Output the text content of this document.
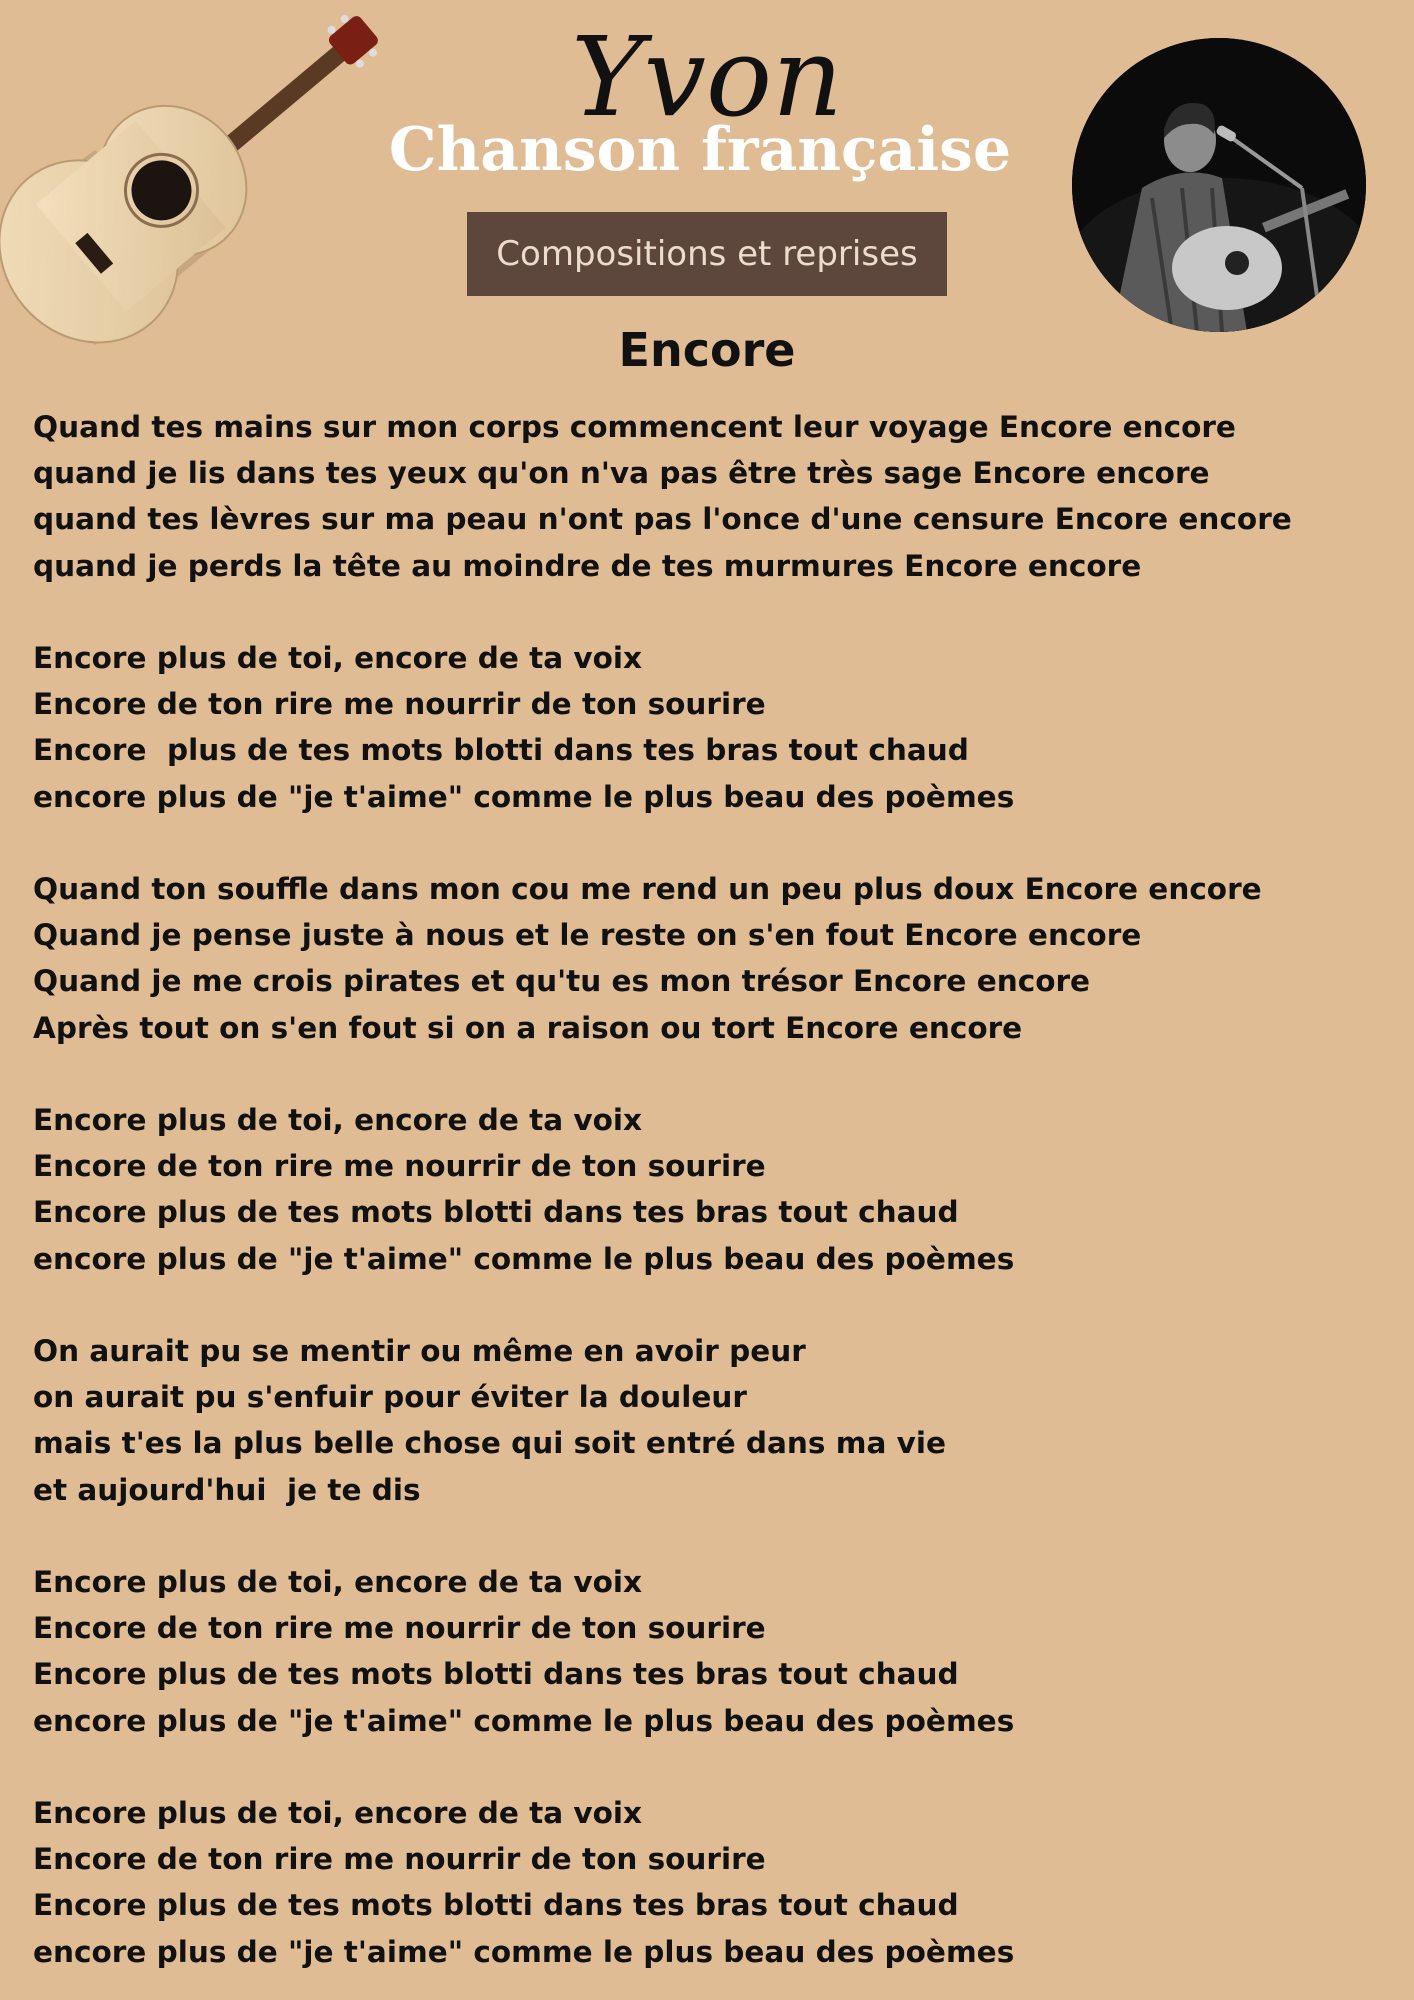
Yvon
Chanson française
Compositions et reprises
Encore
Quand tes mains sur mon corps commencent leur voyage Encore encore
quand je lis dans tes yeux qu'on n'va pas être très sage Encore encore
quand tes lèvres sur ma peau n'ont pas l'once d'une censure Encore encore
quand je perds la tête au moindre de tes murmures Encore encore
Encore plus de toi, encore de ta voix
Encore de ton rire me nourrir de ton sourire
Encore  plus de tes mots blotti dans tes bras tout chaud
encore plus de "je t'aime" comme le plus beau des poèmes
Quand ton souffle dans mon cou me rend un peu plus doux Encore encore
Quand je pense juste à nous et le reste on s'en fout Encore encore
Quand je me crois pirates et qu'tu es mon trésor Encore encore
Après tout on s'en fout si on a raison ou tort Encore encore
Encore plus de toi, encore de ta voix
Encore de ton rire me nourrir de ton sourire
Encore plus de tes mots blotti dans tes bras tout chaud
encore plus de "je t'aime" comme le plus beau des poèmes
On aurait pu se mentir ou même en avoir peur
on aurait pu s'enfuir pour éviter la douleur
mais t'es la plus belle chose qui soit entré dans ma vie
et aujourd'hui  je te dis
Encore plus de toi, encore de ta voix
Encore de ton rire me nourrir de ton sourire
Encore plus de tes mots blotti dans tes bras tout chaud
encore plus de "je t'aime" comme le plus beau des poèmes
Encore plus de toi, encore de ta voix
Encore de ton rire me nourrir de ton sourire
Encore plus de tes mots blotti dans tes bras tout chaud
encore plus de "je t'aime" comme le plus beau des poèmes
